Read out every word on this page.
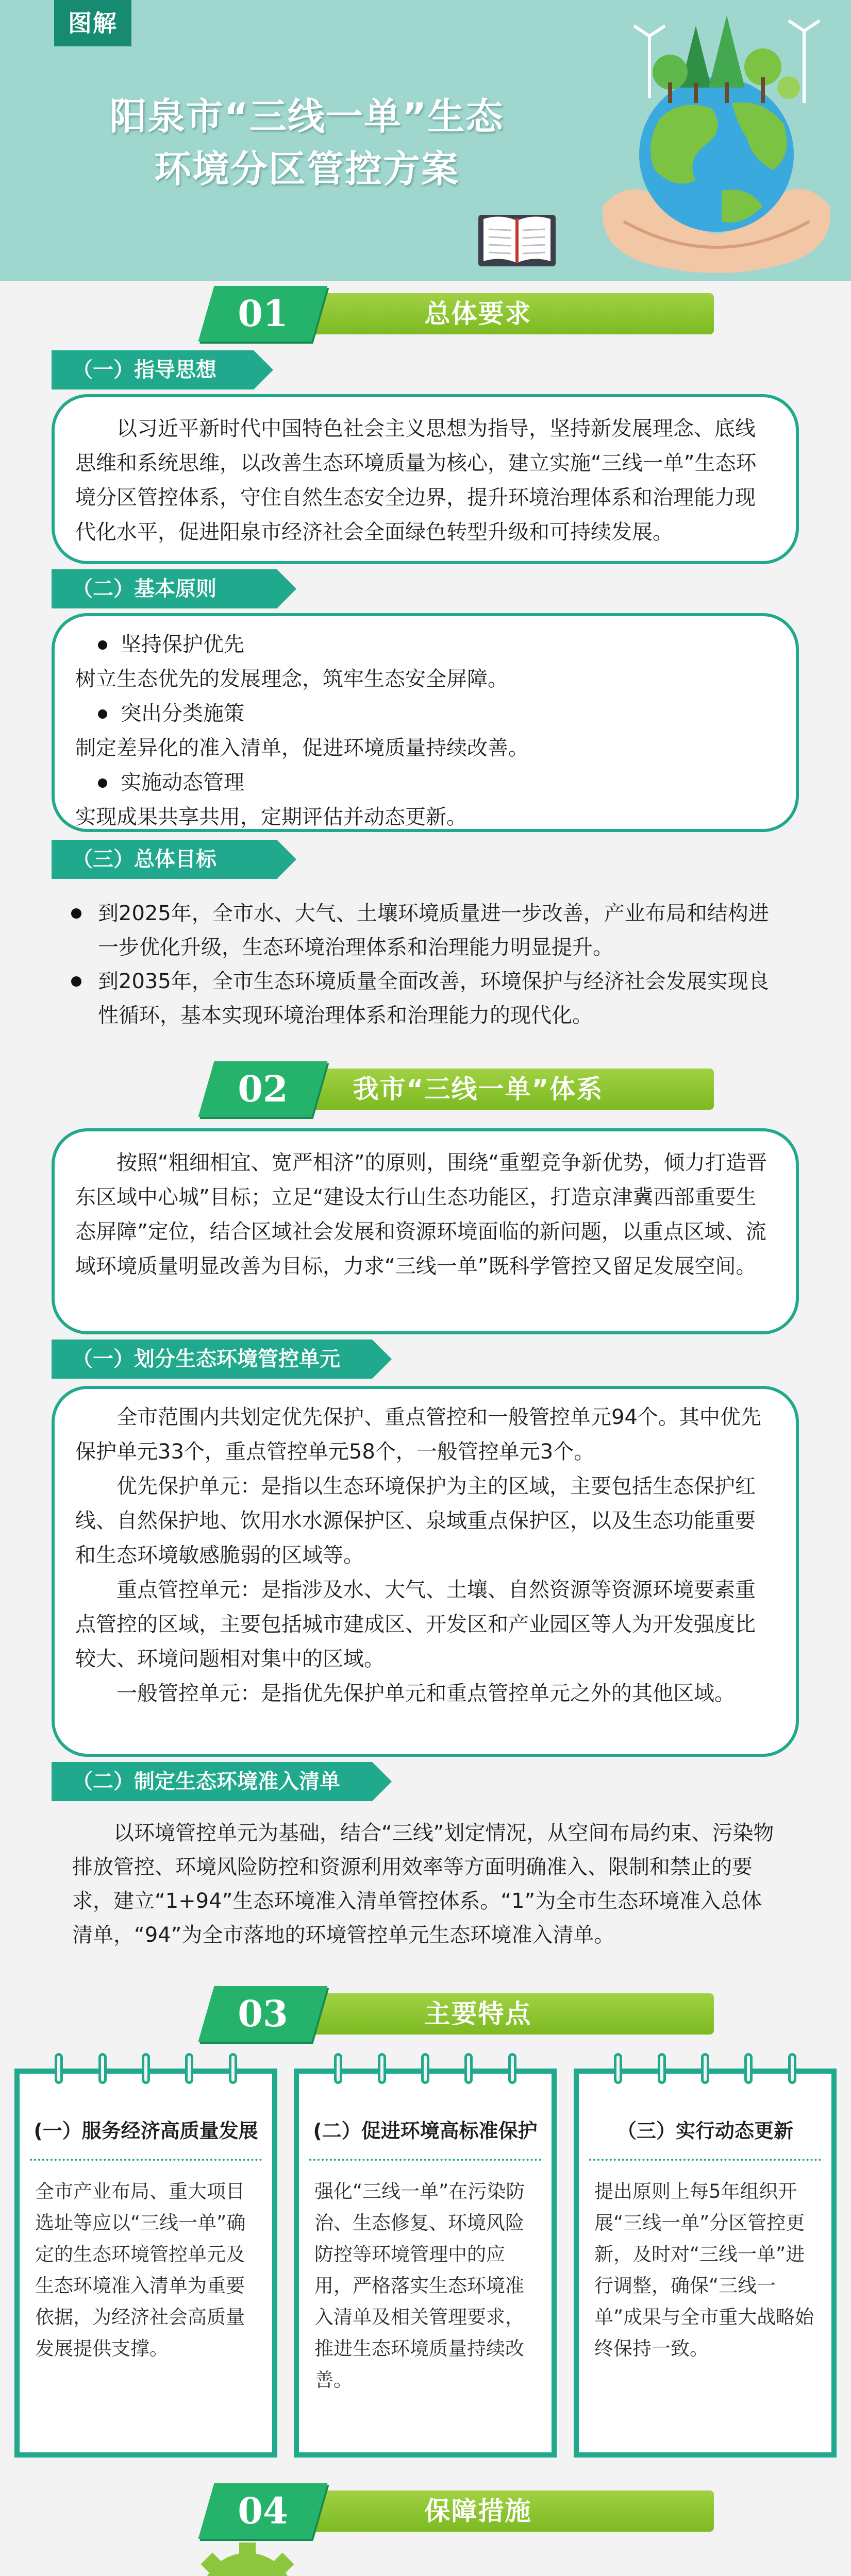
图解
阳泉市“三线一单”生态
环境分区管控方案
总体要求
01
（一）指导思想

以习近平新时代中国特色社会主义思想为指导，坚持新发展理念、底线思维和系统思维，以改善生态环境质量为核心，建立实施“三线一单”生态环境分区管控体系，守住自然生态安全边界，提升环境治理体系和治理能力现代化水平，促进阳泉市经济社会全面绿色转型升级和可持续发展。

（二）基本原则
坚持保护优先
树立生态优先的发展理念，筑牢生态安全屏障。
突出分类施策
制定差异化的准入清单，促进环境质量持续改善。
实施动态管理
实现成果共享共用，定期评估并动态更新。
（三）总体目标
到2025年，全市水、大气、土壤环境质量进一步改善，产业布局和结构进一步优化升级，生态环境治理体系和治理能力明显提升。
到2035年，全市生态环境质量全面改善，环境保护与经济社会发展实现良性循环，基本实现环境治理体系和治理能力的现代化。
我市“三线一单”体系
02

按照“粗细相宜、宽严相济”的原则，围绕“重塑竞争新优势，倾力打造晋东区域中心城”目标；立足“建设太行山生态功能区，打造京津冀西部重要生态屏障”定位，结合区域社会发展和资源环境面临的新问题，以重点区域、流域环境质量明显改善为目标，力求“三线一单”既科学管控又留足发展空间。

（一）划分生态环境管控单元

全市范围内共划定优先保护、重点管控和一般管控单元94个。其中优先保护单元33个，重点管控单元58个，一般管控单元3个。

优先保护单元：是指以生态环境保护为主的区域，主要包括生态保护红线、自然保护地、饮用水水源保护区、泉域重点保护区，以及生态功能重要和生态环境敏感脆弱的区域等。

重点管控单元：是指涉及水、大气、土壤、自然资源等资源环境要素重点管控的区域，主要包括城市建成区、开发区和产业园区等人为开发强度比较大、环境问题相对集中的区域。

一般管控单元：是指优先保护单元和重点管控单元之外的其他区域。

（二）制定生态环境准入清单

以环境管控单元为基础，结合“三线”划定情况，从空间布局约束、污染物排放管控、环境风险防控和资源利用效率等方面明确准入、限制和禁止的要求，建立“1+94”生态环境准入清单管控体系。“1”为全市生态环境准入总体清单，“94”为全市落地的环境管控单元生态环境准入清单。

主要特点
03
(一）服务经济高质量发展
全市产业布局、重大项目选址等应以“三线一单”确定的生态环境管控单元及生态环境准入清单为重要依据，为经济社会高质量发展提供支撑。
(二）促进环境高标准保护
强化“三线一单”在污染防治、生态修复、环境风险防控等环境管理中的应用，严格落实生态环境准入清单及相关管理要求，推进生态环境质量持续改善。
（三）实行动态更新
提出原则上每5年组织开展“三线一单”分区管控更新，及时对“三线一单”进行调整，确保“三线一单”成果与全市重大战略始终保持一致。
保障措施
04
